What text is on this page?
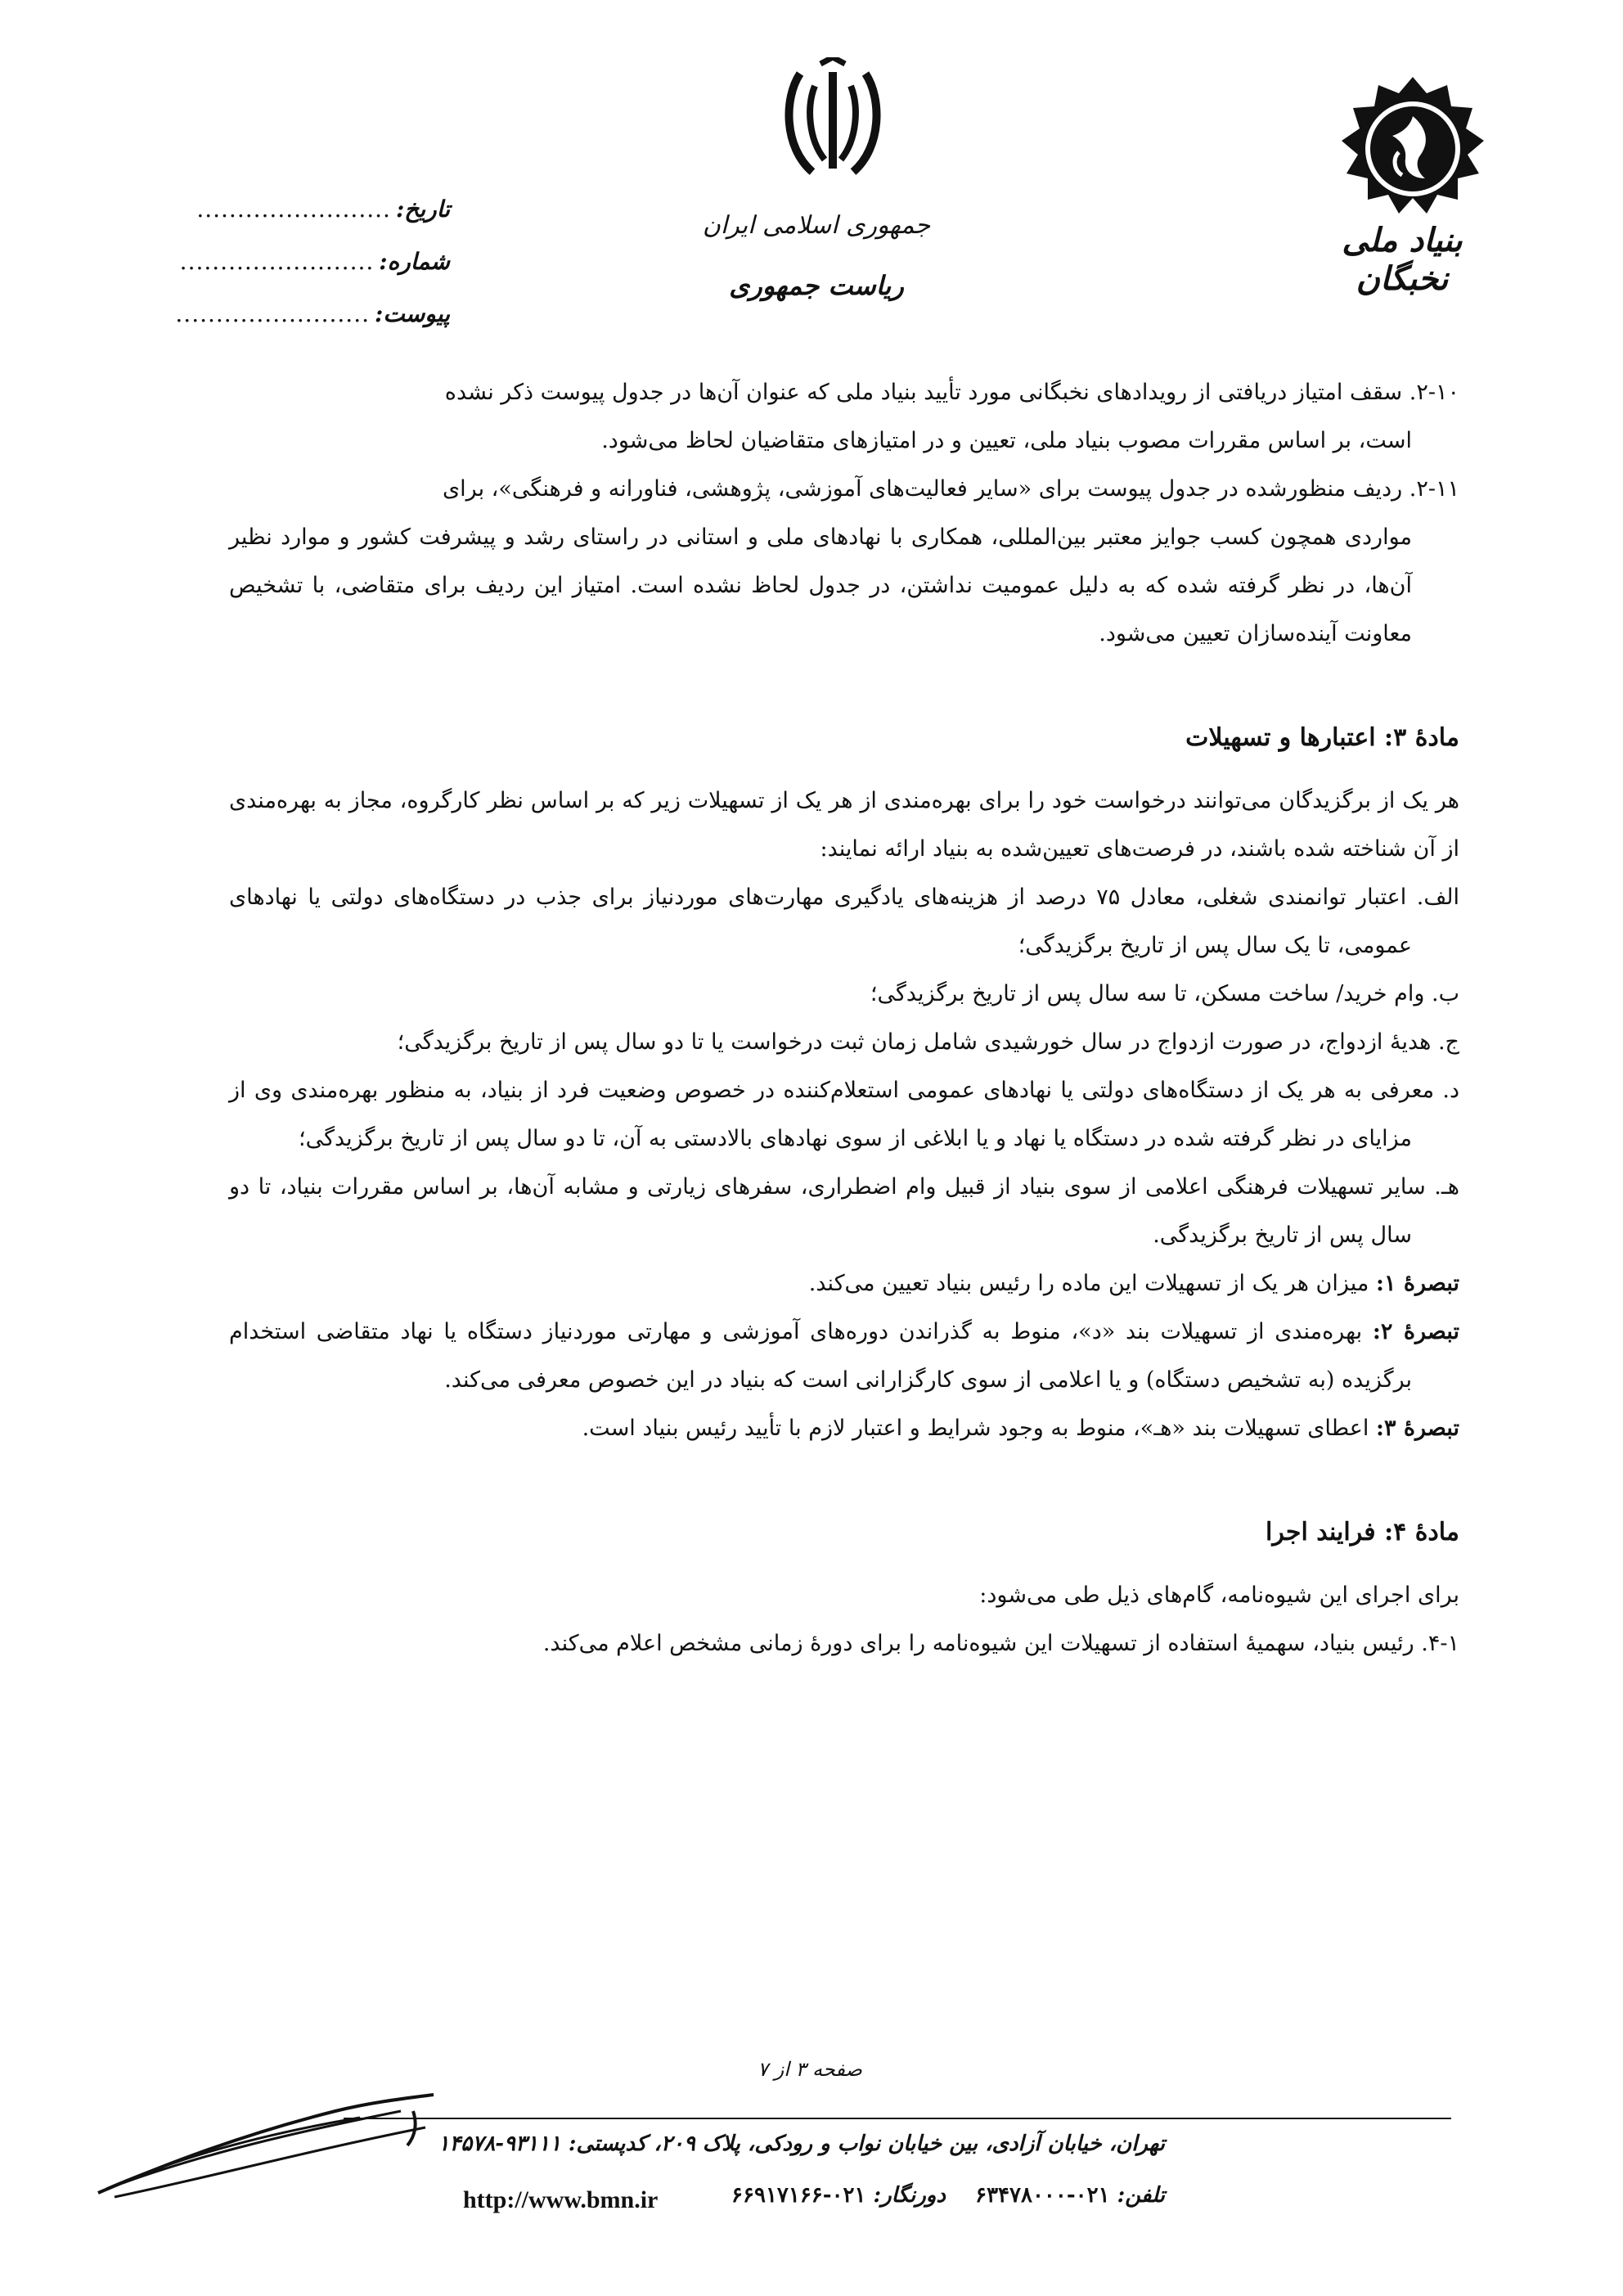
بنیاد ملی نخبگان
جمهوری اسلامی ایران
ریاست جمهوری
تاریخ:
........................
شماره:
........................
پیوست:
........................

۲-۱۰. سقف امتیاز دریافتی از رویدادهای نخبگانی مورد تأیید بنیاد ملی که عنوان آن‌ها در جدول پیوست ذکر نشده

است، بر اساس مقررات مصوب بنیاد ملی، تعیین و در امتیازهای متقاضیان لحاظ می‌شود.

۲-۱۱. ردیف منظورشده در جدول پیوست برای «سایر فعالیت‌های آموزشی، پژوهشی، فناورانه و فرهنگی»، برای

مواردی همچون کسب جوایز معتبر بین‌المللی، همکاری با نهادهای ملی و استانی در راستای رشد و پیشرفت کشور و موارد نظیر آن‌ها، در نظر گرفته شده که به دلیل عمومیت نداشتن، در جدول لحاظ نشده است. امتیاز این ردیف برای متقاضی، با تشخیص معاونت آینده‌سازان تعیین می‌شود.

مادهٔ ۳: اعتبارها و تسهیلات

هر یک از برگزیدگان می‌توانند درخواست خود را برای بهره‌مندی از هر یک از تسهیلات زیر که بر اساس نظر کارگروه، مجاز به بهره‌مندی از آن شناخته شده باشند، در فرصت‌های تعیین‌شده به بنیاد ارائه نمایند:

الف. اعتبار توانمندی شغلی، معادل ۷۵ درصد از هزینه‌های یادگیری مهارت‌های موردنیاز برای جذب در دستگاه‌های دولتی یا نهادهای عمومی، تا یک سال پس از تاریخ برگزیدگی؛

ب. وام خرید/ ساخت مسکن، تا سه سال پس از تاریخ برگزیدگی؛

ج. هدیهٔ ازدواج، در صورت ازدواج در سال خورشیدی شامل زمان ثبت درخواست یا تا دو سال پس از تاریخ برگزیدگی؛

د. معرفی به هر یک از دستگاه‌های دولتی یا نهادهای عمومی استعلام‌کننده در خصوص وضعیت فرد از بنیاد، به منظور بهره‌مندی وی از مزایای در نظر گرفته شده در دستگاه یا نهاد و یا ابلاغی از سوی نهادهای بالادستی به آن، تا دو سال پس از تاریخ برگزیدگی؛

هـ. سایر تسهیلات فرهنگی اعلامی از سوی بنیاد از قبیل وام اضطراری، سفرهای زیارتی و مشابه آن‌ها، بر اساس مقررات بنیاد، تا دو سال پس از تاریخ برگزیدگی.

تبصرهٔ ۱: میزان هر یک از تسهیلات این ماده را رئیس بنیاد تعیین می‌کند.

تبصرهٔ ۲: بهره‌مندی از تسهیلات بند «د»، منوط به گذراندن دوره‌های آموزشی و مهارتی موردنیاز دستگاه یا نهاد متقاضی استخدام برگزیده (به تشخیص دستگاه) و یا اعلامی از سوی کارگزارانی است که بنیاد در این خصوص معرفی می‌کند.

تبصرهٔ ۳: اعطای تسهیلات بند «هـ»، منوط به وجود شرایط و اعتبار لازم با تأیید رئیس بنیاد است.

مادهٔ ۴: فرایند اجرا

برای اجرای این شیوه‌نامه، گام‌های ذیل طی می‌شود:

۴-۱. رئیس بنیاد، سهمیهٔ استفاده از تسهیلات این شیوه‌نامه را برای دورهٔ زمانی مشخص اعلام می‌کند.

صفحه ۳ از ۷
تهران، خیابان آزادی، بین خیابان نواب و رودکی، پلاک ۲۰۹، کدپستی: ۹۳۱۱۱-۱۴۵۷۸
تلفن: ۰۲۱-۶۳۴۷۸۰۰۰    دورنگار: ۰۲۱-۶۶۹۱۷۱۶۶
http://www.bmn.ir
